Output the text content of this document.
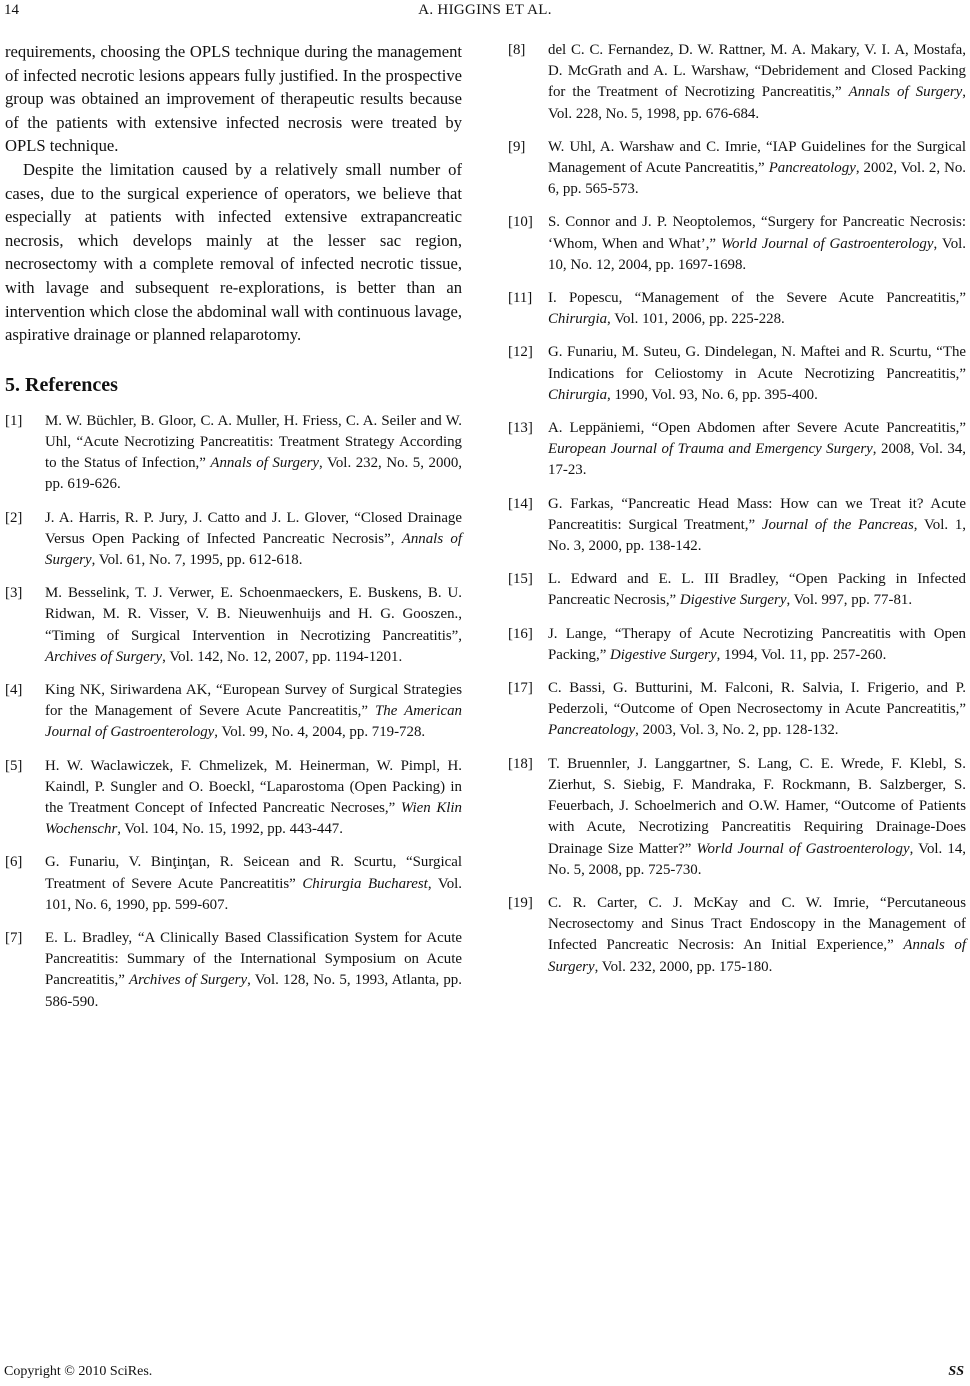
14	A. HIGGINS ET AL.

requirements, choosing the OPLS technique during the management of infected necrotic lesions appears fully justified. In the prospective group was obtained an improvement of therapeutic results because of the patients with extensive infected necrosis were treated by OPLS technique.

Despite the limitation caused by a relatively small number of cases, due to the surgical experience of operators, we believe that especially at patients with infected extensive extrapancreatic necrosis, which develops mainly at the lesser sac region, necrosectomy with a complete removal of infected necrotic tissue, with lavage and subsequent re-explorations, is better than an intervention which close the abdominal wall with continuous lavage, aspirative drainage or planned relaparotomy.

5. References
[1]	M. W. Büchler, B. Gloor, C. A. Muller, H. Friess, C. A. Seiler and W. Uhl, “Acute Necrotizing Pancreatitis: Treatment Strategy According to the Status of Infection,” Annals of Surgery, Vol. 232, No. 5, 2000, pp. 619-626.
[2]	J. A. Harris, R. P. Jury, J. Catto and J. L. Glover, “Closed Drainage Versus Open Packing of Infected Pancreatic Necrosis”, Annals of Surgery, Vol. 61, No. 7, 1995, pp. 612-618.
[3]	M. Besselink, T. J. Verwer, E. Schoenmaeckers, E. Buskens, B. U. Ridwan, M. R. Visser, V. B. Nieuwenhuijs and H. G. Gooszen., “Timing of Surgical Intervention in Necrotizing Pancreatitis”, Archives of Surgery, Vol. 142, No. 12, 2007, pp. 1194-1201.
[4]	King NK, Siriwardena AK, “European Survey of Surgical Strategies for the Management of Severe Acute Pancreatitis,” The American Journal of Gastroenterology, Vol. 99, No. 4, 2004, pp. 719-728.
[5]	H. W. Waclawiczek, F. Chmelizek, M. Heinerman, W. Pimpl, H. Kaindl, P. Sungler and O. Boeckl, “Laparostoma (Open Packing) in the Treatment Concept of Infected Pancreatic Necroses,” Wien Klin Wochenschr, Vol. 104, No. 15, 1992, pp. 443-447.
[6]	G. Funariu, V. Binţinţan, R. Seicean and R. Scurtu, “Surgical Treatment of Severe Acute Pancreatitis” Chirurgia Bucharest, Vol. 101, No. 6, 1990, pp. 599-607.
[7]	E. L. Bradley, “A Clinically Based Classification System for Acute Pancreatitis: Summary of the International Symposium on Acute Pancreatitis,” Archives of Surgery, Vol. 128, No. 5, 1993, Atlanta, pp. 586-590.
[8]	del C. C. Fernandez, D. W. Rattner, M. A. Makary, V. I. A, Mostafa, D. McGrath and A. L. Warshaw, “Debridement and Closed Packing for the Treatment of Necrotizing Pancreatitis,” Annals of Surgery, Vol. 228, No. 5, 1998, pp. 676-684.
[9]	W. Uhl, A. Warshaw and C. Imrie, “IAP Guidelines for the Surgical Management of Acute Pancreatitis,” Pancreatology, 2002, Vol. 2, No. 6, pp. 565-573.
[10]	S. Connor and J. P. Neoptolemos, “Surgery for Pancreatic Necrosis: ‘Whom, When and What’,” World Journal of Gastroenterology, Vol. 10, No. 12, 2004, pp. 1697-1698.
[11]	I. Popescu, “Management of the Severe Acute Pancreatitis,” Chirurgia, Vol. 101, 2006, pp. 225-228.
[12]	G. Funariu, M. Suteu, G. Dindelegan, N. Maftei and R. Scurtu, “The Indications for Celiostomy in Acute Necrotizing Pancreatitis,” Chirurgia, 1990, Vol. 93, No. 6, pp. 395-400.
[13]	A. Leppäniemi, “Open Abdomen after Severe Acute Pancreatitis,” European Journal of Trauma and Emergency Surgery, 2008, Vol. 34, 17-23.
[14]	G. Farkas, “Pancreatic Head Mass: How can we Treat it? Acute Pancreatitis: Surgical Treatment,” Journal of the Pancreas, Vol. 1, No. 3, 2000, pp. 138-142.
[15]	L. Edward and E. L. III Bradley, “Open Packing in Infected Pancreatic Necrosis,” Digestive Surgery, Vol. 997, pp. 77-81.
[16]	J. Lange, “Therapy of Acute Necrotizing Pancreatitis with Open Packing,” Digestive Surgery, 1994, Vol. 11, pp. 257-260.
[17]	C. Bassi, G. Butturini, M. Falconi, R. Salvia, I. Frigerio, and P. Pederzoli, “Outcome of Open Necrosectomy in Acute Pancreatitis,” Pancreatology, 2003, Vol. 3, No. 2, pp. 128-132.
[18]	T. Bruennler, J. Langgartner, S. Lang, C. E. Wrede, F. Klebl, S. Zierhut, S. Siebig, F. Mandraka, F. Rockmann, B. Salzberger, S. Feuerbach, J. Schoelmerich and O.W. Hamer, “Outcome of Patients with Acute, Necrotizing Pancreatitis Requiring Drainage-Does Drainage Size Matter?” World Journal of Gastroenterology, Vol. 14, No. 5, 2008, pp. 725-730.
[19]	C. R. Carter, C. J. McKay and C. W. Imrie, “Percutaneous Necrosectomy and Sinus Tract Endoscopy in the Management of Infected Pancreatic Necrosis: An Initial Experience,” Annals of Surgery, Vol. 232, 2000, pp. 175-180.
Copyright © 2010 SciRes.	SS
